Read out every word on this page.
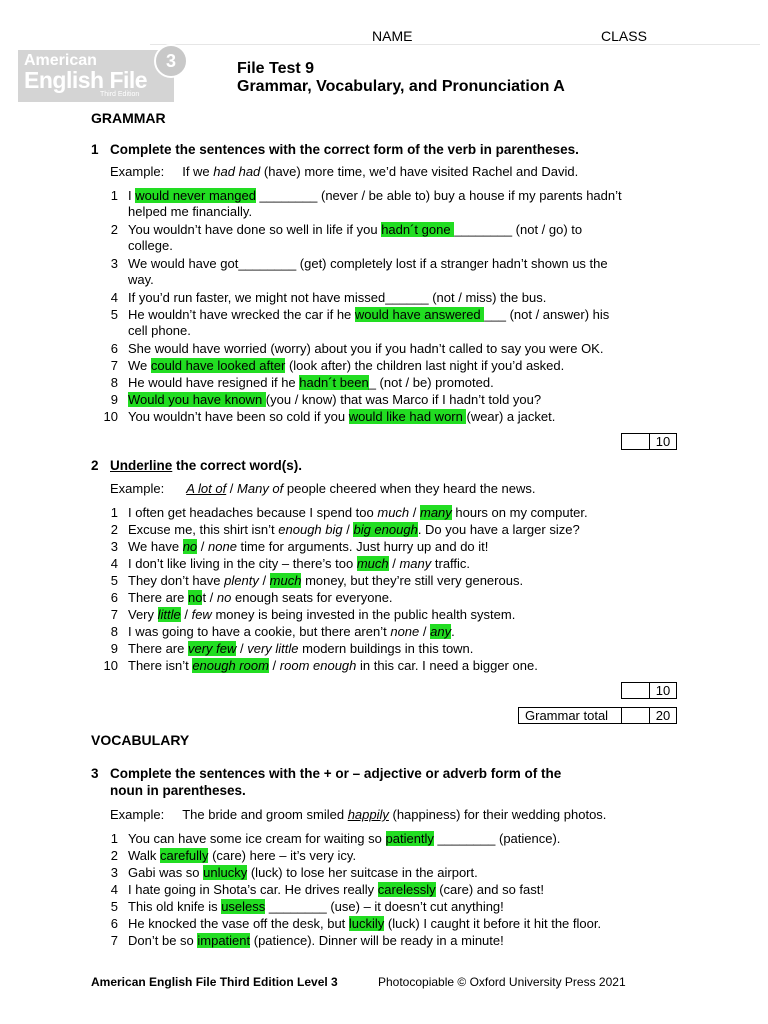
NAME	CLASS
American
English File
Third Edition
3	File Test 9
Grammar, Vocabulary, and Pronunciation A
GRAMMAR
1 Complete the sentences with the correct form of the verb in parentheses.
Example: If we had had (have) more time, we’d have visited Rachel and David.
10
2 Underline the correct word(s).
Example: A lot of / Many of people cheered when they heard the news.
10
Grammar total	20
VOCABULARY
3 Complete the sentences with the + or – adjective or adverb form of the
noun in parentheses.
Example: The bride and groom smiled happily (happiness) for their wedding photos.
American English File Third Edition Level 3	Photocopiable © Oxford University Press 2021
1 I would never manged ________ (never / be able to) buy a house if my parents hadn’t
helped me financially.
2 You wouldn’t have done so well in life if you hadn´t gone ________ (not / go) to
college.
3 We would have got________ (get) completely lost if a stranger hadn’t shown us the
way.
4 If you’d run faster, we might not have missed______ (not / miss) the bus.
5 He wouldn’t have wrecked the car if he would have answered ___ (not / answer) his
cell phone.
6 She would have worried (worry) about you if you hadn’t called to say you were OK.
7 We could have looked after (look after) the children last night if you’d asked.
8 He would have resigned if he hadn´t been_ (not / be) promoted.
9 Would you have known (you / know) that was Marco if I hadn’t told you?
10 You wouldn’t have been so cold if you would like had worn (wear) a jacket.
1 I often get headaches because I spend too much / many hours on my computer.
2 Excuse me, this shirt isn’t enough big / big enough. Do you have a larger size?
3 We have no / none time for arguments. Just hurry up and do it!
4 I don’t like living in the city – there’s too much / many traffic.
5 They don’t have plenty / much money, but they’re still very generous.
6 There are not / no enough seats for everyone.
7 Very little / few money is being invested in the public health system.
8 I was going to have a cookie, but there aren’t none / any.
9 There are very few / very little modern buildings in this town.
10 There isn’t enough room / room enough in this car. I need a bigger one.
1 You can have some ice cream for waiting so patiently ________ (patience).
2 Walk carefully (care) here – it’s very icy.
3 Gabi was so unlucky (luck) to lose her suitcase in the airport.
4 I hate going in Shota’s car. He drives really carelessly (care) and so fast!
5 This old knife is useless ________ (use) – it doesn’t cut anything!
6 He knocked the vase off the desk, but luckily (luck) I caught it before it hit the floor.
7 Don’t be so impatient (patience). Dinner will be ready in a minute!
